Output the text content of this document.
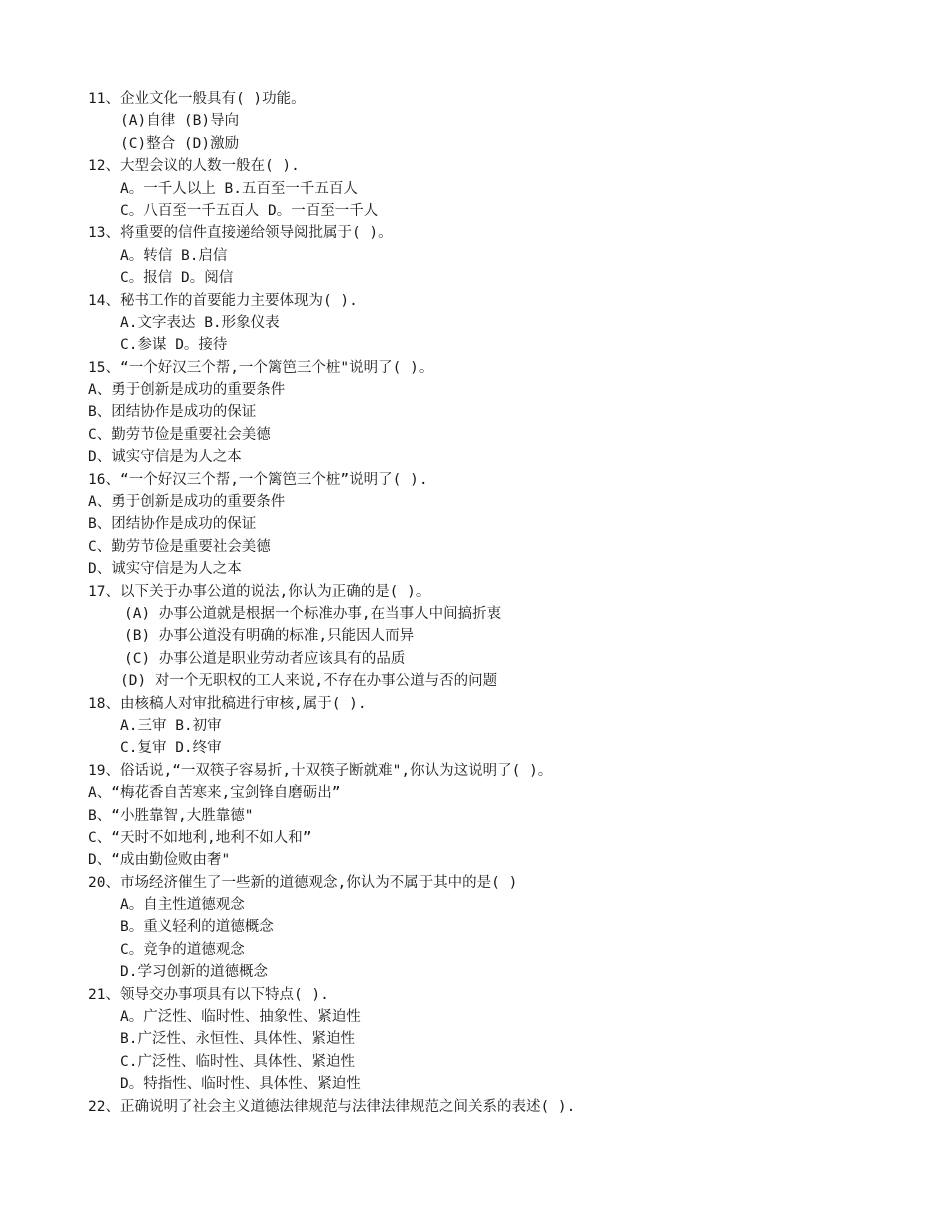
11、企业文化一般具有( )功能。
(A)自律 (B)导向
(C)整合 (D)激励
12、大型会议的人数一般在( ).
A。一千人以上 B.五百至一千五百人
C。八百至一千五百人 D。一百至一千人
13、将重要的信件直接递给领导阅批属于( )。
A。转信 B.启信
C。报信 D。阅信
14、秘书工作的首要能力主要体现为( ).
A.文字表达 B.形象仪表
C.参谋 D。接待
15、“一个好汉三个帮,一个篱笆三个桩"说明了( )。
A、勇于创新是成功的重要条件
B、团结协作是成功的保证
C、勤劳节俭是重要社会美德
D、诚实守信是为人之本
16、“一个好汉三个帮,一个篱笆三个桩”说明了( ).
A、勇于创新是成功的重要条件
B、团结协作是成功的保证
C、勤劳节俭是重要社会美德
D、诚实守信是为人之本
17、以下关于办事公道的说法,你认为正确的是( )。
(A) 办事公道就是根据一个标准办事,在当事人中间搞折衷
(B) 办事公道没有明确的标准,只能因人而异
(C) 办事公道是职业劳动者应该具有的品质
(D) 对一个无职权的工人来说,不存在办事公道与否的问题
18、由核稿人对审批稿进行审核,属于( ).
A.三审 B.初审
C.复审 D.终审
19、俗话说,“一双筷子容易折,十双筷子断就难",你认为这说明了( )。
A、“梅花香自苦寒来,宝剑锋自磨砺出”
B、“小胜靠智,大胜靠德"
C、“天时不如地利,地利不如人和”
D、“成由勤俭败由奢"
20、市场经济催生了一些新的道德观念,你认为不属于其中的是( )
A。自主性道德观念
B。重义轻利的道德概念
C。竞争的道德观念
D.学习创新的道德概念
21、领导交办事项具有以下特点( ).
A。广泛性、临时性、抽象性、紧迫性
B.广泛性、永恒性、具体性、紧迫性
C.广泛性、临时性、具体性、紧迫性
D。特指性、临时性、具体性、紧迫性
22、正确说明了社会主义道德法律规范与法律法律规范之间关系的表述( ).
